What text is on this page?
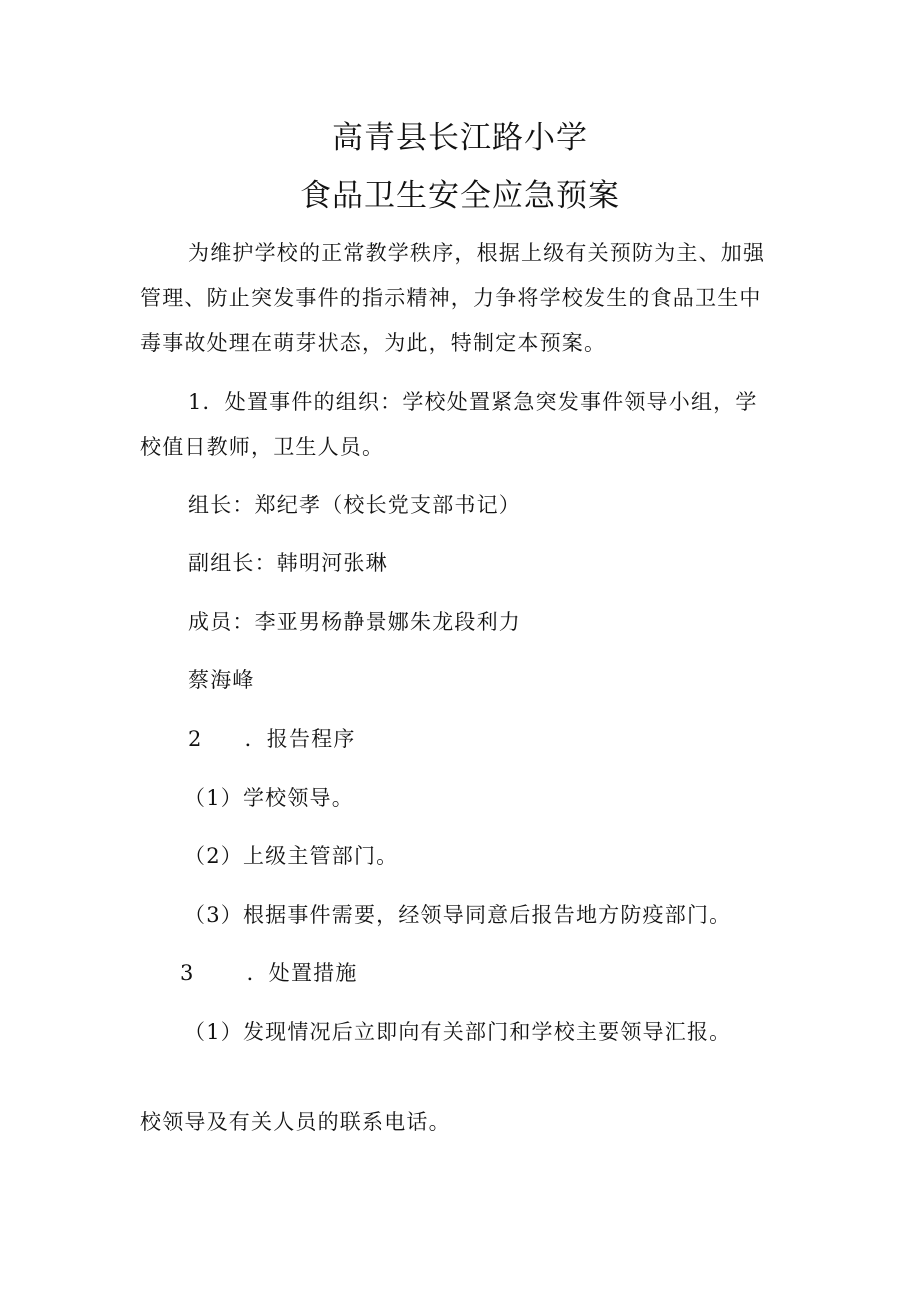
高青县长江路小学
食品卫生安全应急预案
为维护学校的正常教学秩序，根据上级有关预防为主、加强
管理、防止突发事件的指示精神，力争将学校发生的食品卫生中
毒事故处理在萌芽状态，为此，特制定本预案。
1．处置事件的组织：学校处置紧急突发事件领导小组，学
校值日教师，卫生人员。
组长：郑纪孝（校长党支部书记）
副组长：韩明河张琳
成员：李亚男杨静景娜朱龙段利力
蔡海峰
2 ．报告程序
（1）学校领导。
（2）上级主管部门。
（3）根据事件需要，经领导同意后报告地方防疫部门。
3 ．处置措施
（1）发现情况后立即向有关部门和学校主要领导汇报。
校领导及有关人员的联系电话。
